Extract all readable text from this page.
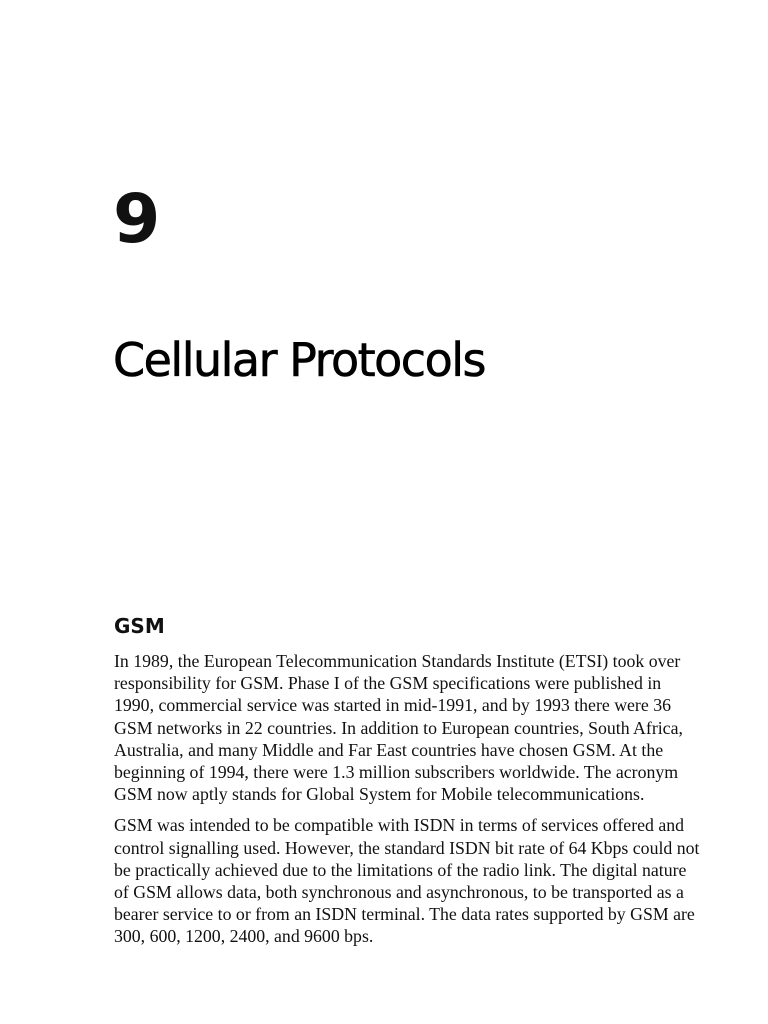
9
Cellular Protocols
GSM

In 1989, the European Telecommunication Standards Institute (ETSI) took over responsibility for GSM. Phase I of the GSM specifications were published in 1990, commercial service was started in mid-1991, and by 1993 there were 36 GSM networks in 22 countries. In addition to European countries, South Africa, Australia, and many Middle and Far East countries have chosen GSM. At the beginning of 1994, there were 1.3 million subscribers worldwide. The acronym GSM now aptly stands for Global System for Mobile telecommunications.

GSM was intended to be compatible with ISDN in terms of services offered and control signalling used. However, the standard ISDN bit rate of 64 Kbps could not be practically achieved due to the limitations of the radio link. The digital nature of GSM allows data, both synchronous and asynchronous, to be transported as a bearer service to or from an ISDN terminal. The data rates supported by GSM are 300, 600, 1200, 2400, and 9600 bps.
